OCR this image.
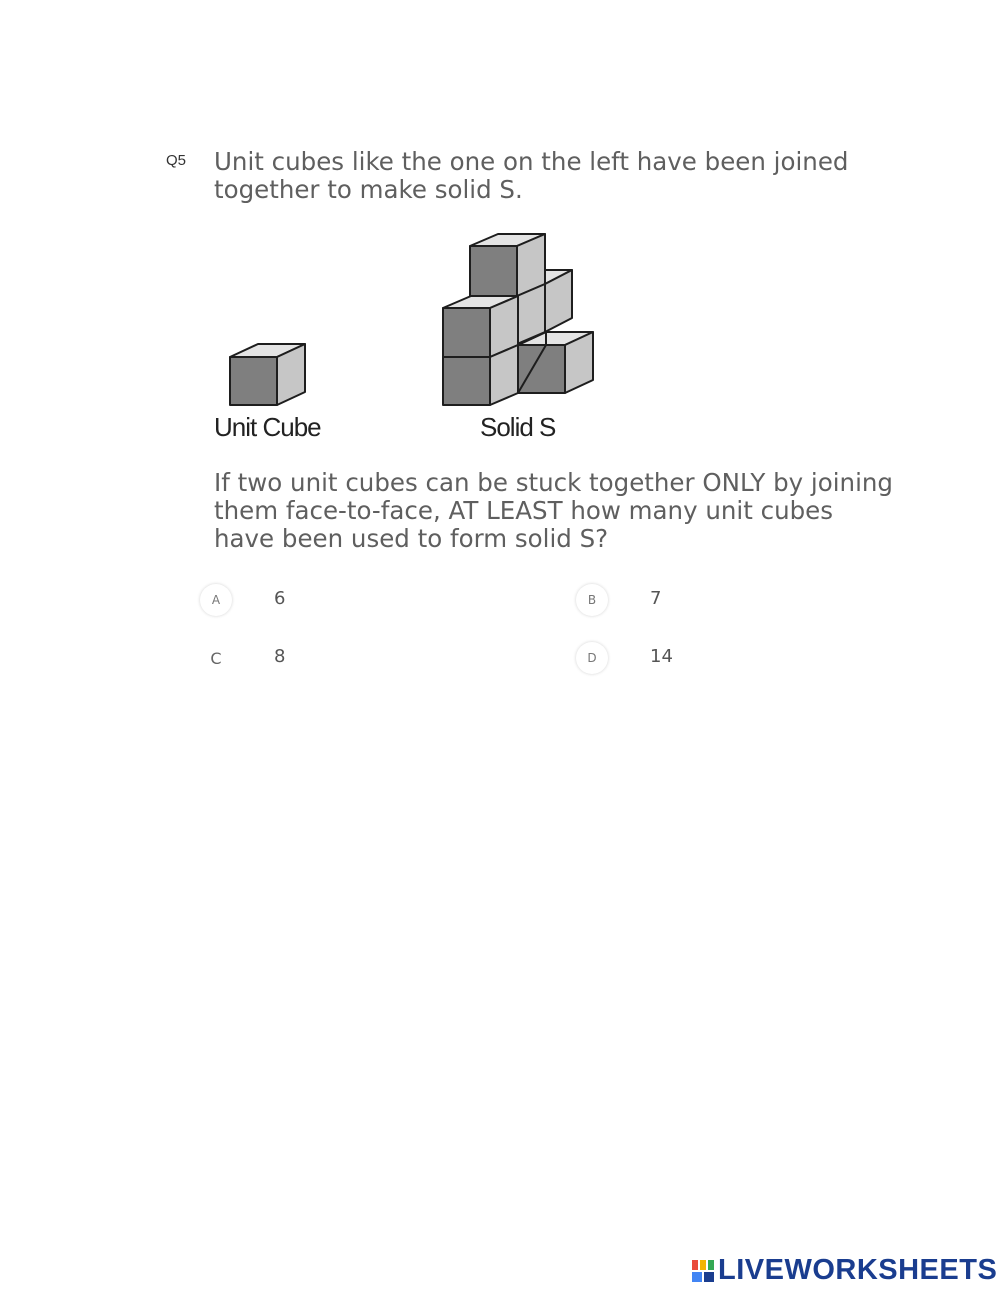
Q5 Unit cubes like the one on the left have been joined together to make solid S.

Unit Cube	Solid S

If two unit cubes can be stuck together ONLY by joining them face-to-face, AT LEAST how many unit cubes have been used to form solid S?

A	6	B	7
C	8	D	14
LIVEWORKSHEETS
